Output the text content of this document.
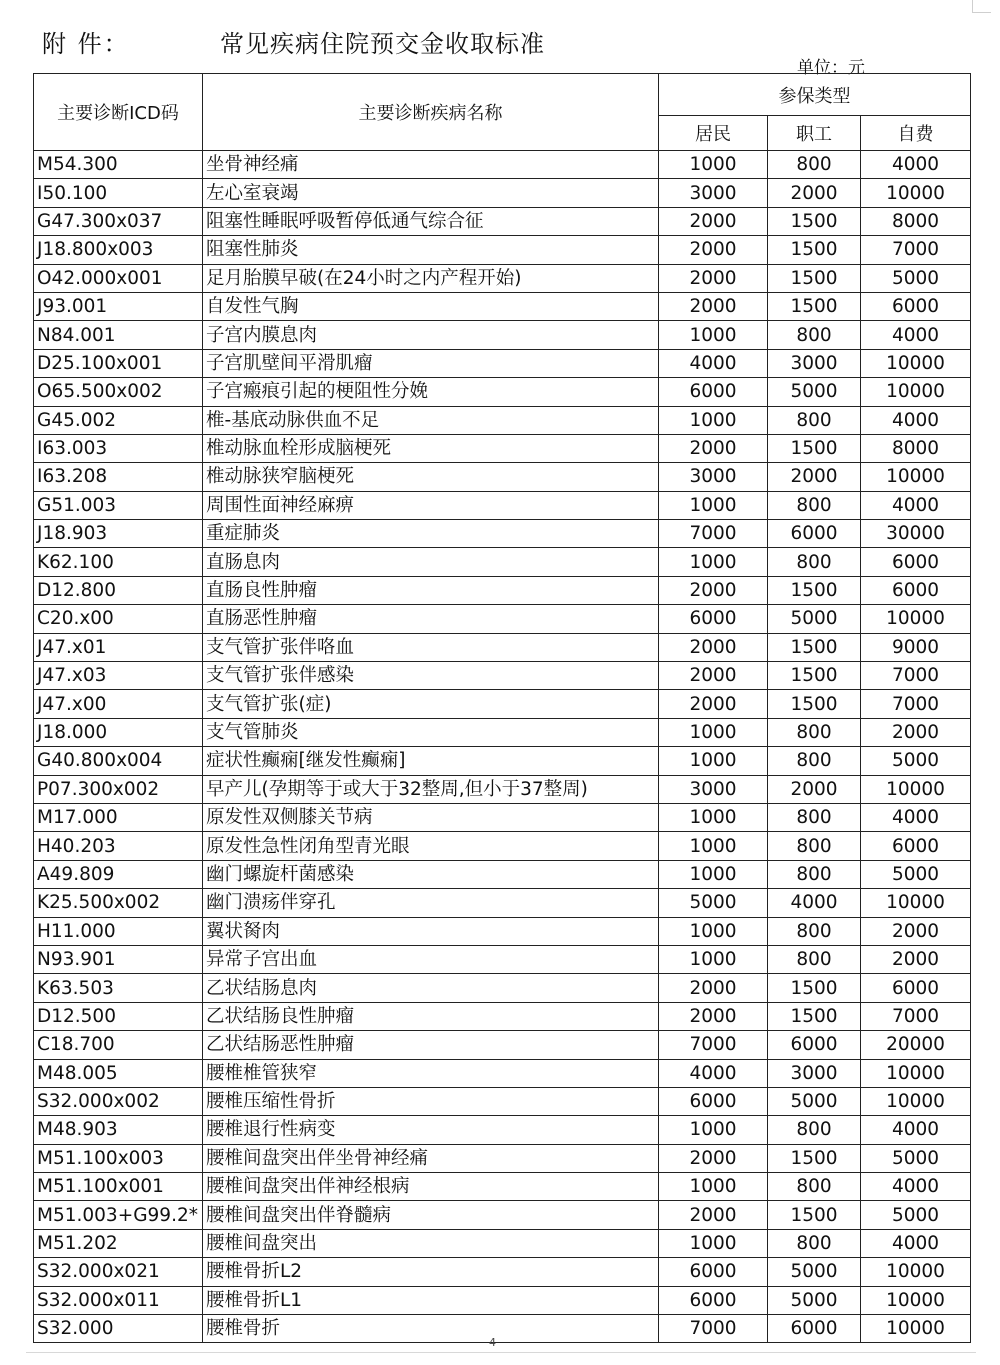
附 件：	常见疾病住院预交金收取标准
单位：元
主要诊断ICD码	主要诊断疾病名称	参保类型		
		居民	职工	自费
M54.300	坐骨神经痛	1000	800	4000
I50.100	左心室衰竭	3000	2000	10000
G47.300x037	阻塞性睡眠呼吸暂停低通气综合征	2000	1500	8000
J18.800x003	阻塞性肺炎	2000	1500	7000
O42.000x001	足月胎膜早破(在24小时之内产程开始)	2000	1500	5000
J93.001	自发性气胸	2000	1500	6000
N84.001	子宫内膜息肉	1000	800	4000
D25.100x001	子宫肌壁间平滑肌瘤	4000	3000	10000
O65.500x002	子宫瘢痕引起的梗阻性分娩	6000	5000	10000
G45.002	椎-基底动脉供血不足	1000	800	4000
I63.003	椎动脉血栓形成脑梗死	2000	1500	8000
I63.208	椎动脉狭窄脑梗死	3000	2000	10000
G51.003	周围性面神经麻痹	1000	800	4000
J18.903	重症肺炎	7000	6000	30000
K62.100	直肠息肉	1000	800	6000
D12.800	直肠良性肿瘤	2000	1500	6000
C20.x00	直肠恶性肿瘤	6000	5000	10000
J47.x01	支气管扩张伴咯血	2000	1500	9000
J47.x03	支气管扩张伴感染	2000	1500	7000
J47.x00	支气管扩张(症)	2000	1500	7000
J18.000	支气管肺炎	1000	800	2000
G40.800x004	症状性癫痫[继发性癫痫]	1000	800	5000
P07.300x002	早产儿(孕期等于或大于32整周,但小于37整周)	3000	2000	10000
M17.000	原发性双侧膝关节病	1000	800	4000
H40.203	原发性急性闭角型青光眼	1000	800	6000
A49.809	幽门螺旋杆菌感染	1000	800	5000
K25.500x002	幽门溃疡伴穿孔	5000	4000	10000
H11.000	翼状胬肉	1000	800	2000
N93.901	异常子宫出血	1000	800	2000
K63.503	乙状结肠息肉	2000	1500	6000
D12.500	乙状结肠良性肿瘤	2000	1500	7000
C18.700	乙状结肠恶性肿瘤	7000	6000	20000
M48.005	腰椎椎管狭窄	4000	3000	10000
S32.000x002	腰椎压缩性骨折	6000	5000	10000
M48.903	腰椎退行性病变	1000	800	4000
M51.100x003	腰椎间盘突出伴坐骨神经痛	2000	1500	5000
M51.100x001	腰椎间盘突出伴神经根病	1000	800	4000
M51.003+G99.2*	腰椎间盘突出伴脊髓病	2000	1500	5000
M51.202	腰椎间盘突出	1000	800	4000
S32.000x021	腰椎骨折L2	6000	5000	10000
S32.000x011	腰椎骨折L1	6000	5000	10000
S32.000	腰椎骨折	7000	6000	10000
4
